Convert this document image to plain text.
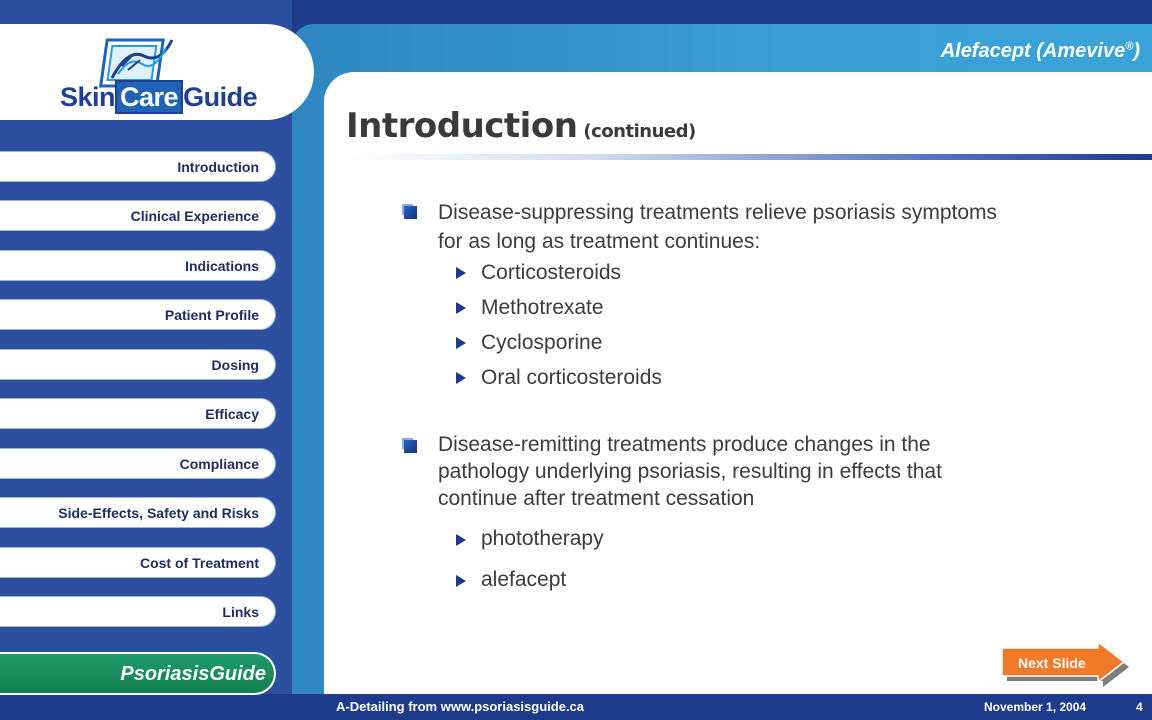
Skin Care Guide
Alefacept (Amevive®)
Introduction (continued)
Introduction
Clinical Experience
Indications
Patient Profile
Dosing
Efficacy
Compliance
Side-Effects, Safety and Risks
Cost of Treatment
Links
PsoriasisGuide
Disease-suppressing treatments relieve psoriasis symptoms
for as long as treatment continues:
Corticosteroids
Methotrexate
Cyclosporine
Oral corticosteroids
Disease-remitting treatments produce changes in the
pathology underlying psoriasis, resulting in effects that
continue after treatment cessation
phototherapy
alefacept
Next Slide
A-Detailing from www.psoriasisguide.ca	November 1, 2004	4
